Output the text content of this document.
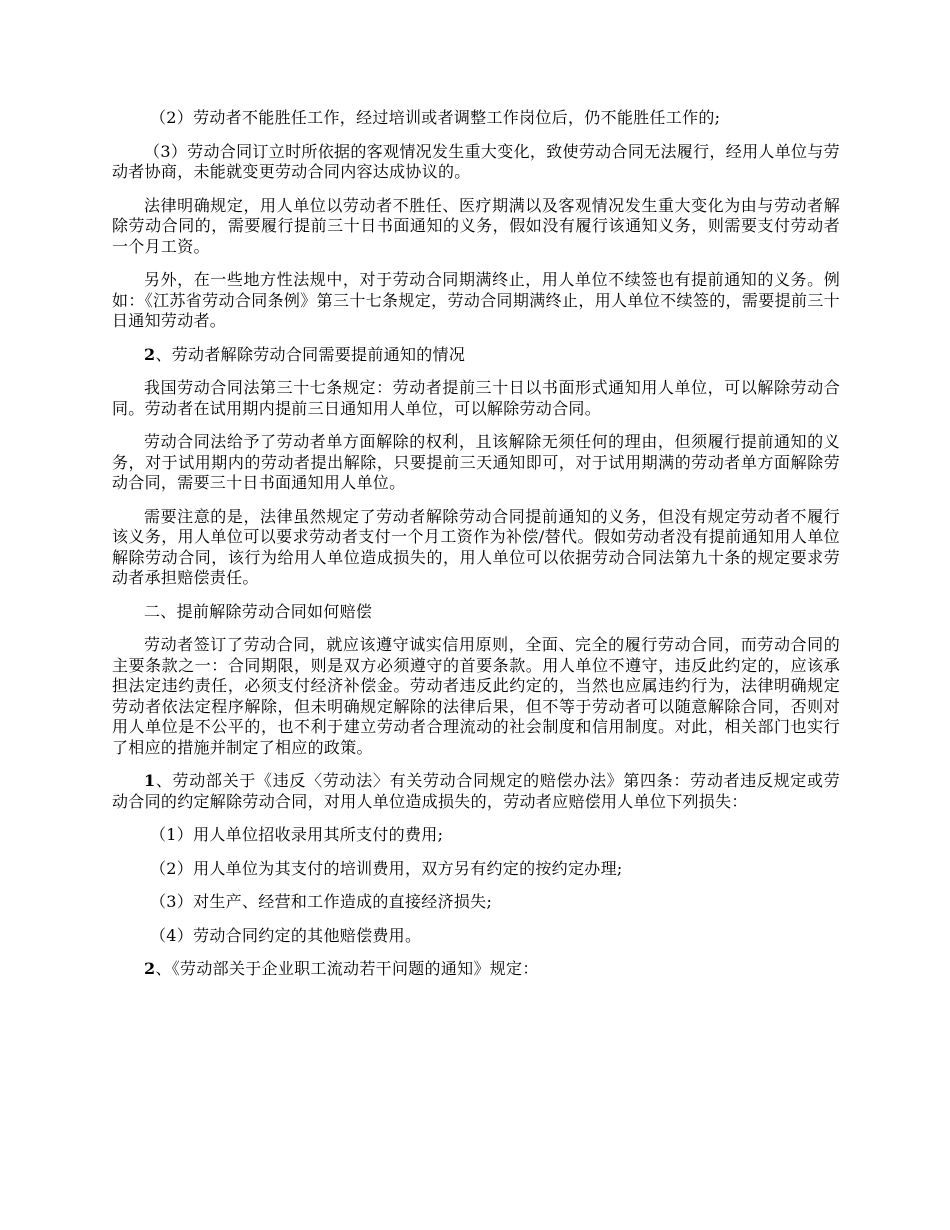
（2）劳动者不能胜任工作，经过培训或者调整工作岗位后，仍不能胜任工作的;

（3）劳动合同订立时所依据的客观情况发生重大变化，致使劳动合同无法履行，经用人单位与劳动者协商，未能就变更劳动合同内容达成协议的。

法律明确规定，用人单位以劳动者不胜任、医疗期满以及客观情况发生重大变化为由与劳动者解除劳动合同的，需要履行提前三十日书面通知的义务，假如没有履行该通知义务，则需要支付劳动者一个月工资。

另外，在一些地方性法规中，对于劳动合同期满终止，用人单位不续签也有提前通知的义务。例如：《江苏省劳动合同条例》第三十七条规定，劳动合同期满终止，用人单位不续签的，需要提前三十日通知劳动者。

2、劳动者解除劳动合同需要提前通知的情况

我国劳动合同法第三十七条规定：劳动者提前三十日以书面形式通知用人单位，可以解除劳动合同。劳动者在试用期内提前三日通知用人单位，可以解除劳动合同。

劳动合同法给予了劳动者单方面解除的权利，且该解除无须任何的理由，但须履行提前通知的义务，对于试用期内的劳动者提出解除，只要提前三天通知即可，对于试用期满的劳动者单方面解除劳动合同，需要三十日书面通知用人单位。

需要注意的是，法律虽然规定了劳动者解除劳动合同提前通知的义务，但没有规定劳动者不履行该义务，用人单位可以要求劳动者支付一个月工资作为补偿/替代。假如劳动者没有提前通知用人单位解除劳动合同，该行为给用人单位造成损失的，用人单位可以依据劳动合同法第九十条的规定要求劳动者承担赔偿责任。

二、提前解除劳动合同如何赔偿

劳动者签订了劳动合同，就应该遵守诚实信用原则，全面、完全的履行劳动合同，而劳动合同的主要条款之一：合同期限，则是双方必须遵守的首要条款。用人单位不遵守，违反此约定的，应该承担法定违约责任，必须支付经济补偿金。劳动者违反此约定的，当然也应属违约行为，法律明确规定劳动者依法定程序解除，但未明确规定解除的法律后果，但不等于劳动者可以随意解除合同，否则对用人单位是不公平的，也不利于建立劳动者合理流动的社会制度和信用制度。对此，相关部门也实行了相应的措施并制定了相应的政策。

1、劳动部关于《违反〈劳动法〉有关劳动合同规定的赔偿办法》第四条：劳动者违反规定或劳动合同的约定解除劳动合同，对用人单位造成损失的，劳动者应赔偿用人单位下列损失：

（1）用人单位招收录用其所支付的费用;

（2）用人单位为其支付的培训费用，双方另有约定的按约定办理;

（3）对生产、经营和工作造成的直接经济损失;

（4）劳动合同约定的其他赔偿费用。

2、《劳动部关于企业职工流动若干问题的通知》规定：
